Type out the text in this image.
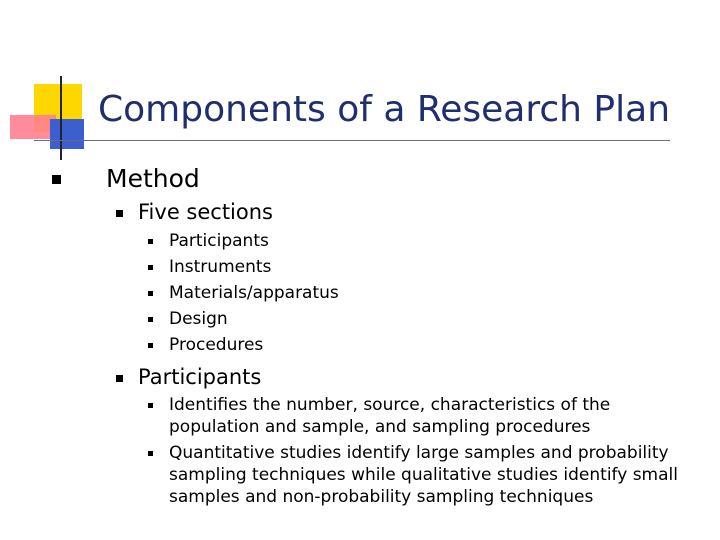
Components of a Research Plan
Method
Five sections
Participants
Instruments
Materials/apparatus
Design
Procedures
Participants
Identifies the number, source, characteristics of the
population and sample, and sampling procedures
Quantitative studies identify large samples and probability
sampling techniques while qualitative studies identify small
samples and non-probability sampling techniques
